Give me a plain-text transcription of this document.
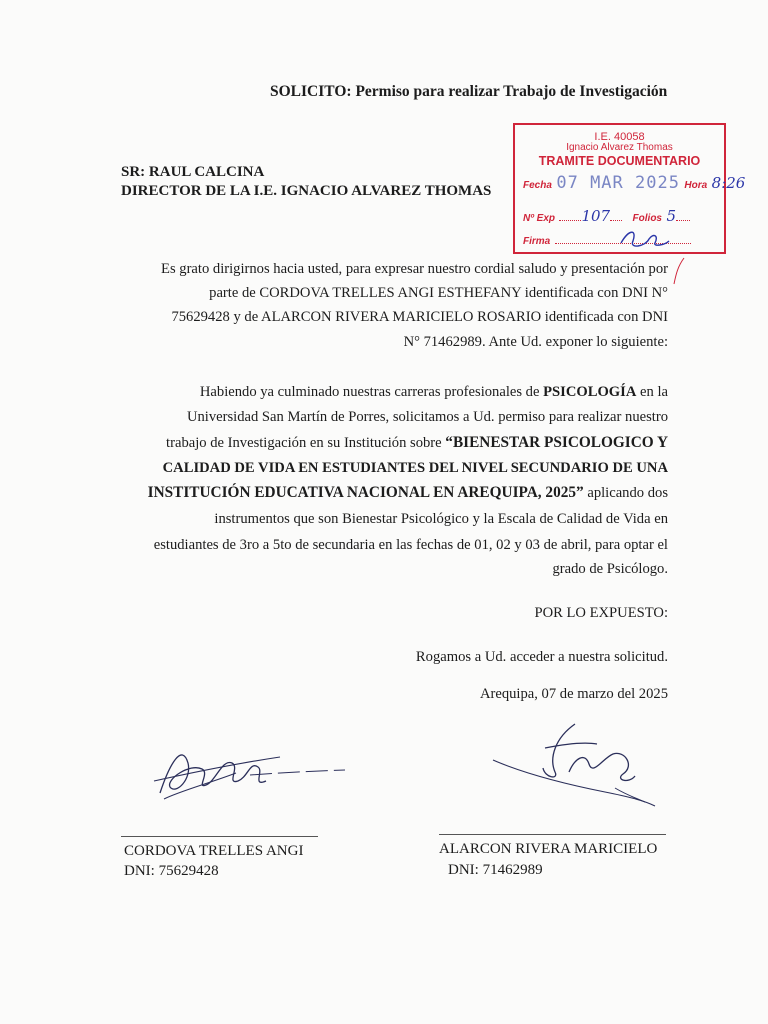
SOLICITO: Permiso para realizar Trabajo de Investigación
SR: RAUL CALCINA
DIRECTOR DE LA I.E. IGNACIO ALVAREZ THOMAS
I.E. 40058
Ignacio Alvarez Thomas
TRAMITE DOCUMENTARIO
Fecha 07 MAR 2025 Hora 8:26
Nº Exp 107 Folios 5
Firma
Es grato dirigirnos hacia usted, para expresar nuestro cordial saludo y presentación por
parte de CORDOVA TRELLES ANGI ESTHEFANY identificada con DNI N°
75629428 y de ALARCON RIVERA MARICIELO ROSARIO identificada con DNI
N° 71462989. Ante Ud. exponer lo siguiente:
Habiendo ya culminado nuestras carreras profesionales de PSICOLOGÍA en la
Universidad San Martín de Porres, solicitamos a Ud. permiso para realizar nuestro
trabajo de Investigación en su Institución sobre “BIENESTAR PSICOLOGICO Y
CALIDAD DE VIDA EN ESTUDIANTES DEL NIVEL SECUNDARIO DE UNA
INSTITUCIÓN EDUCATIVA NACIONAL EN AREQUIPA, 2025” aplicando dos
instrumentos que son Bienestar Psicológico y la Escala de Calidad de Vida en
estudiantes de 3ro a 5to de secundaria en las fechas de 01, 02 y 03 de abril, para optar el
grado de Psicólogo.
POR LO EXPUESTO:
Rogamos a Ud. acceder a nuestra solicitud.
Arequipa, 07 de marzo del 2025
CORDOVA TRELLES ANGI
DNI: 75629428
ALARCON RIVERA MARICIELO
DNI: 71462989
